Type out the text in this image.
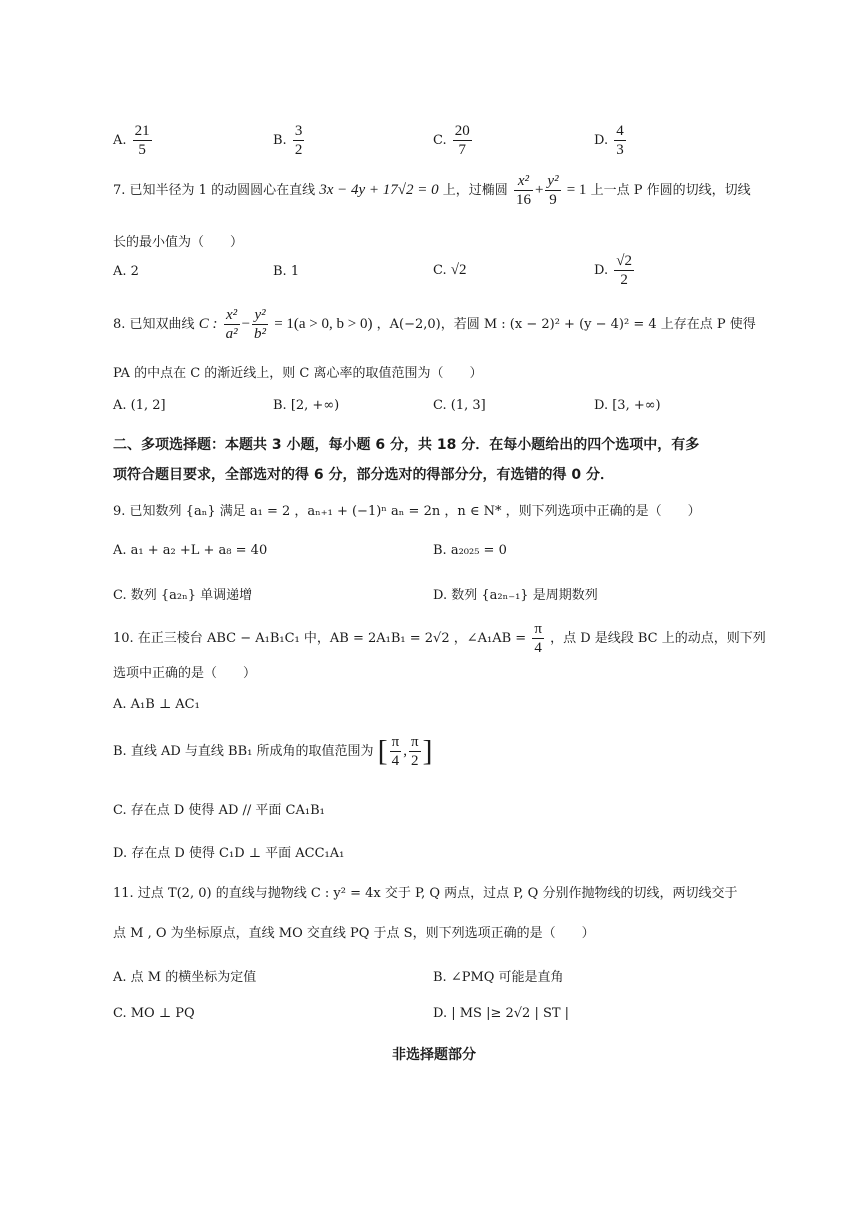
A. $\frac{21}{5}$	B. $\frac{3}{2}$	C. $\frac{20}{7}$	D. $\frac{4}{3}$
7. 已知半径为 1 的动圆圆心在直线 3x − 4y + 17√2 = 0 上，过椭圆 $\frac{\text{x²}}{16} + \frac{\text{y²}}{9} = 1$ 上一点 P 作圆的切线，切线
长的最小值为（　　）
A. 2	B. 1	C. √2	D. $\frac{√2}{2}$
8. 已知双曲线 C : $\frac{\text{x²}}{\text{a²}} - \frac{\text{y²}}{\text{b²}} = 1(a > 0$, b > 0) ，A(−2,0)，若圆 M : (x − 2)² + (y − 4)² = 4 上存在点 P 使得
PA 的中点在 C 的渐近线上，则 C 离心率的取值范围为（　　）
A. (1, 2]	B. [2, +∞)	C. (1, 3]	D. [3, +∞)
二、多项选择题：本题共 3 小题，每小题 6 分，共 18 分．在每小题给出的四个选项中，有多
项符合题目要求，全部选对的得 6 分，部分选对的得部分分，有选错的得 0 分．
9. 已知数列 {aₙ} 满足 a₁ = 2 ，aₙ₊₁ + (−1)ⁿ aₙ = 2n ，n ∈ N* ，则下列选项中正确的是（　　）
A. a₁ + a₂ +L + a₈ = 40	B. a₂₀₂₅ = 0
C. 数列 {a₂ₙ} 单调递增	D. 数列 {a₂ₙ₋₁} 是周期数列
10. 在正三棱台 ABC − A₁B₁C₁ 中，AB = 2A₁B₁ = 2√2 ，∠A₁AB = $\frac{\pi}{4}$ ，点 D 是线段 BC 上的动点，则下列
选项中正确的是（　　）
A. A₁B ⊥ AC₁
B. 直线 AD 与直线 BB₁ 所成角的取值范围为 [ $\frac{\pi}{4}$ , $\frac{\pi}{2}$ ]
C. 存在点 D 使得 AD // 平面 CA₁B₁
D. 存在点 D 使得 C₁D ⊥ 平面 ACC₁A₁
11. 过点 T(2, 0) 的直线与抛物线 C : y² = 4x 交于 P, Q 两点，过点 P, Q 分别作抛物线的切线，两切线交于
点 M , O 为坐标原点，直线 MO 交直线 PQ 于点 S，则下列选项正确的是（　　）
A. 点 M 的横坐标为定值	B. ∠PMQ 可能是直角
C. MO ⊥ PQ	D. | MS |≥ 2√2 | ST |
非选择题部分
